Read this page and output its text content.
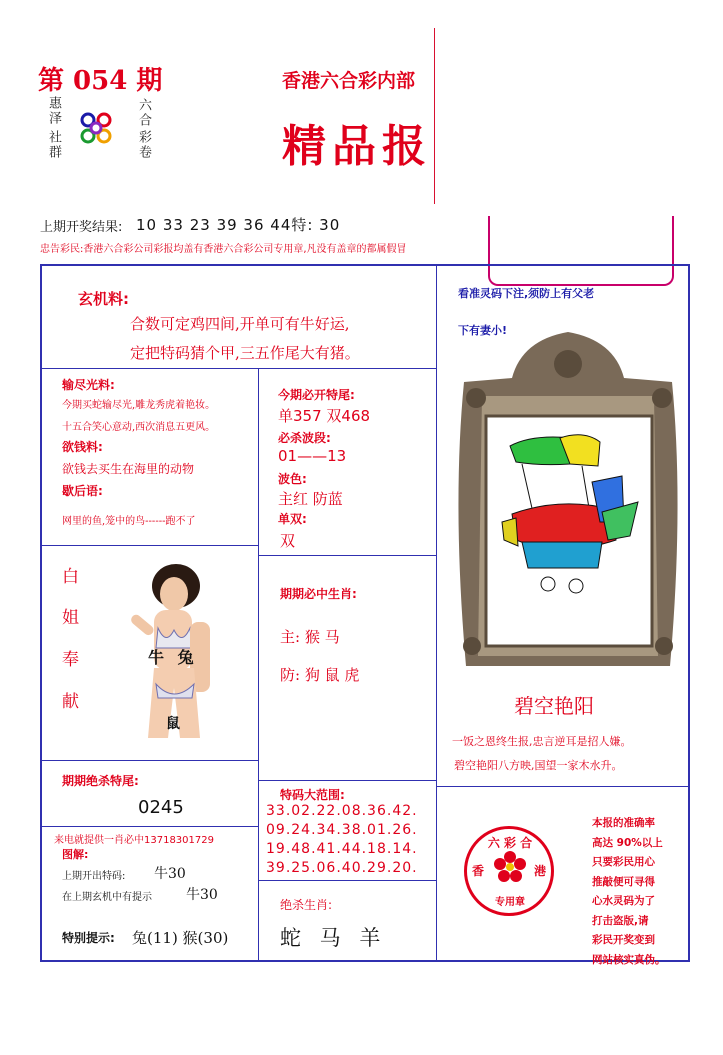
第 054 期
惠泽
社群
六合
彩卷
香港六合彩内部
精品报
上期开奖结果: 10 33 23 39 36 44特: 30
忠告彩民:香港六合彩公司彩报均盖有香港六合彩公司专用章,凡没有盖章的都属假冒
玄机料:
合数可定鸡四间,开单可有牛好运,
定把特码猜个甲,三五作尾大有猪。
输尽光料:
今期买蛇输尽光,雕龙秀虎着艳妆。
十五合笑心意动,西次消息五更风。
欲钱料:
欲钱去买生在海里的动物
歇后语:
网里的鱼,笼中的鸟------跑不了
今期必开特尾:
单357 双468
必杀波段:
01——13
波色:
主红 防蓝
单双:
双
白
姐
奉
献
牛 兔
鼠
期期必中生肖:
主: 猴 马
防: 狗 鼠 虎
期期绝杀特尾:
0245
特码大范围:
33.02.22.08.36.42.
09.24.34.38.01.26.
19.48.41.44.18.14.
39.25.06.40.29.20.
来电就提供一肖必中13718301729
图解:
上期开出特码: 牛30
在上期玄机中有提示 牛30
特别提示: 兔(11) 猴(30)
绝杀生肖:
蛇 马 羊
看准灵码下注,须防上有父老
下有妻小!
碧空艳阳
一饭之恩终生报,忠言逆耳是招人嫌。
碧空艳阳八方映,国望一家木水升。
六 彩 合
香	港
专用章
本报的准确率
高达 90%以上
只要彩民用心
推敲便可寻得
心水灵码为了
打击盗版,请
彩民开奖变到
网站核实真伪。
